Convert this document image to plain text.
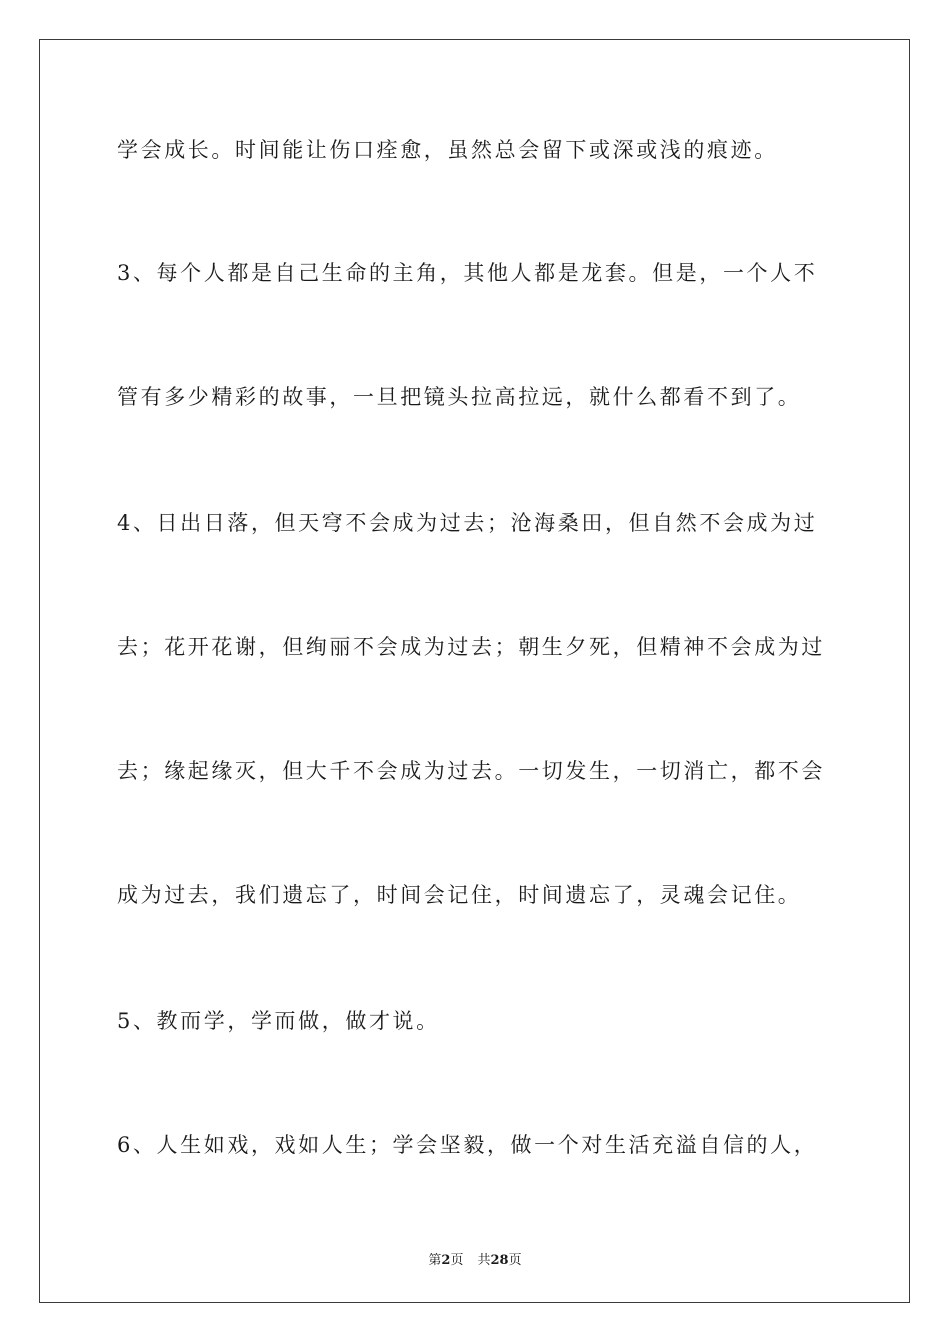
学会成长。时间能让伤口痊愈，虽然总会留下或深或浅的痕迹。
3、每个人都是自己生命的主角，其他人都是龙套。但是，一个人不
管有多少精彩的故事，一旦把镜头拉高拉远，就什么都看不到了。
4、日出日落，但天穹不会成为过去；沧海桑田，但自然不会成为过
去；花开花谢，但绚丽不会成为过去；朝生夕死，但精神不会成为过
去；缘起缘灭，但大千不会成为过去。一切发生，一切消亡，都不会
成为过去，我们遗忘了，时间会记住，时间遗忘了，灵魂会记住。
5、教而学，学而做，做才说。
6、人生如戏，戏如人生；学会坚毅，做一个对生活充溢自信的人，
第2页 共28页
